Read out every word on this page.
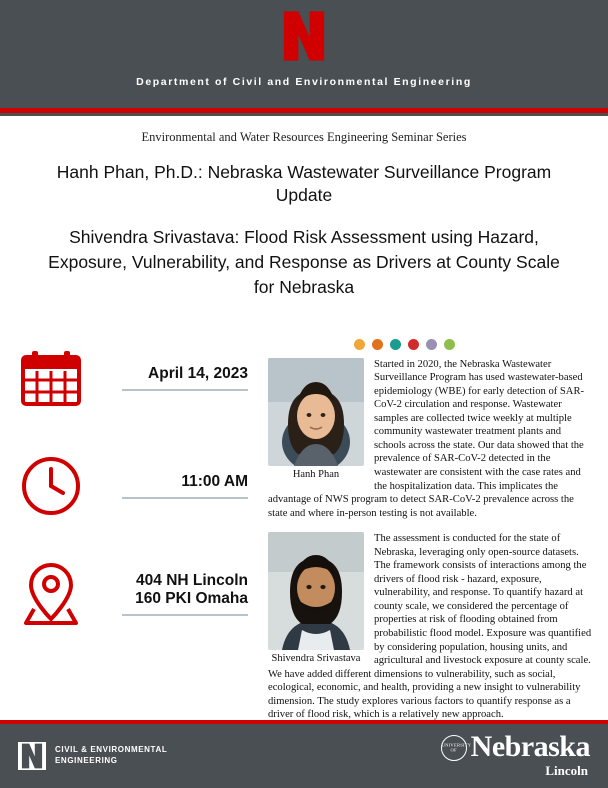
Department of Civil and Environmental Engineering
Environmental and Water Resources Engineering Seminar Series
Hanh Phan, Ph.D.: Nebraska Wastewater Surveillance Program Update
Shivendra Srivastava: Flood Risk Assessment using Hazard, Exposure, Vulnerability, and Response as Drivers at County Scale for Nebraska
April 14, 2023
11:00 AM
404 NH Lincoln
160 PKI Omaha
Hanh Phan
Started in 2020, the Nebraska Wastewater Surveillance Program has used wastewater-based epidemiology (WBE) for early detection of SAR-CoV-2 circulation and response. Wastewater samples are collected twice weekly at multiple community wastewater treatment plants and schools across the state. Our data showed that the prevalence of SAR-CoV-2 detected in the wastewater are consistent with the case rates and the hospitalization data. This implicates the advantage of NWS program to detect SAR-CoV-2 prevalence across the state and where in-person testing is not available.
Shivendra Srivastava
The assessment is conducted for the state of Nebraska, leveraging only open-source datasets. The framework consists of interactions among the drivers of flood risk - hazard, exposure, vulnerability, and response. To quantify hazard at county scale, we considered the percentage of properties at risk of flooding obtained from probabilistic flood model. Exposure was quantified by considering population, housing units, and agricultural and livestock exposure at county scale. We have added different dimensions to vulnerability, such as social, ecological, economic, and health, providing a new insight to vulnerability dimension. The study explores various factors to quantify response as a driver of flood risk, which is a relatively new approach.
CIVIL & ENVIRONMENTAL
ENGINEERING
UNIVERSITY OF Nebraska
Lincoln
